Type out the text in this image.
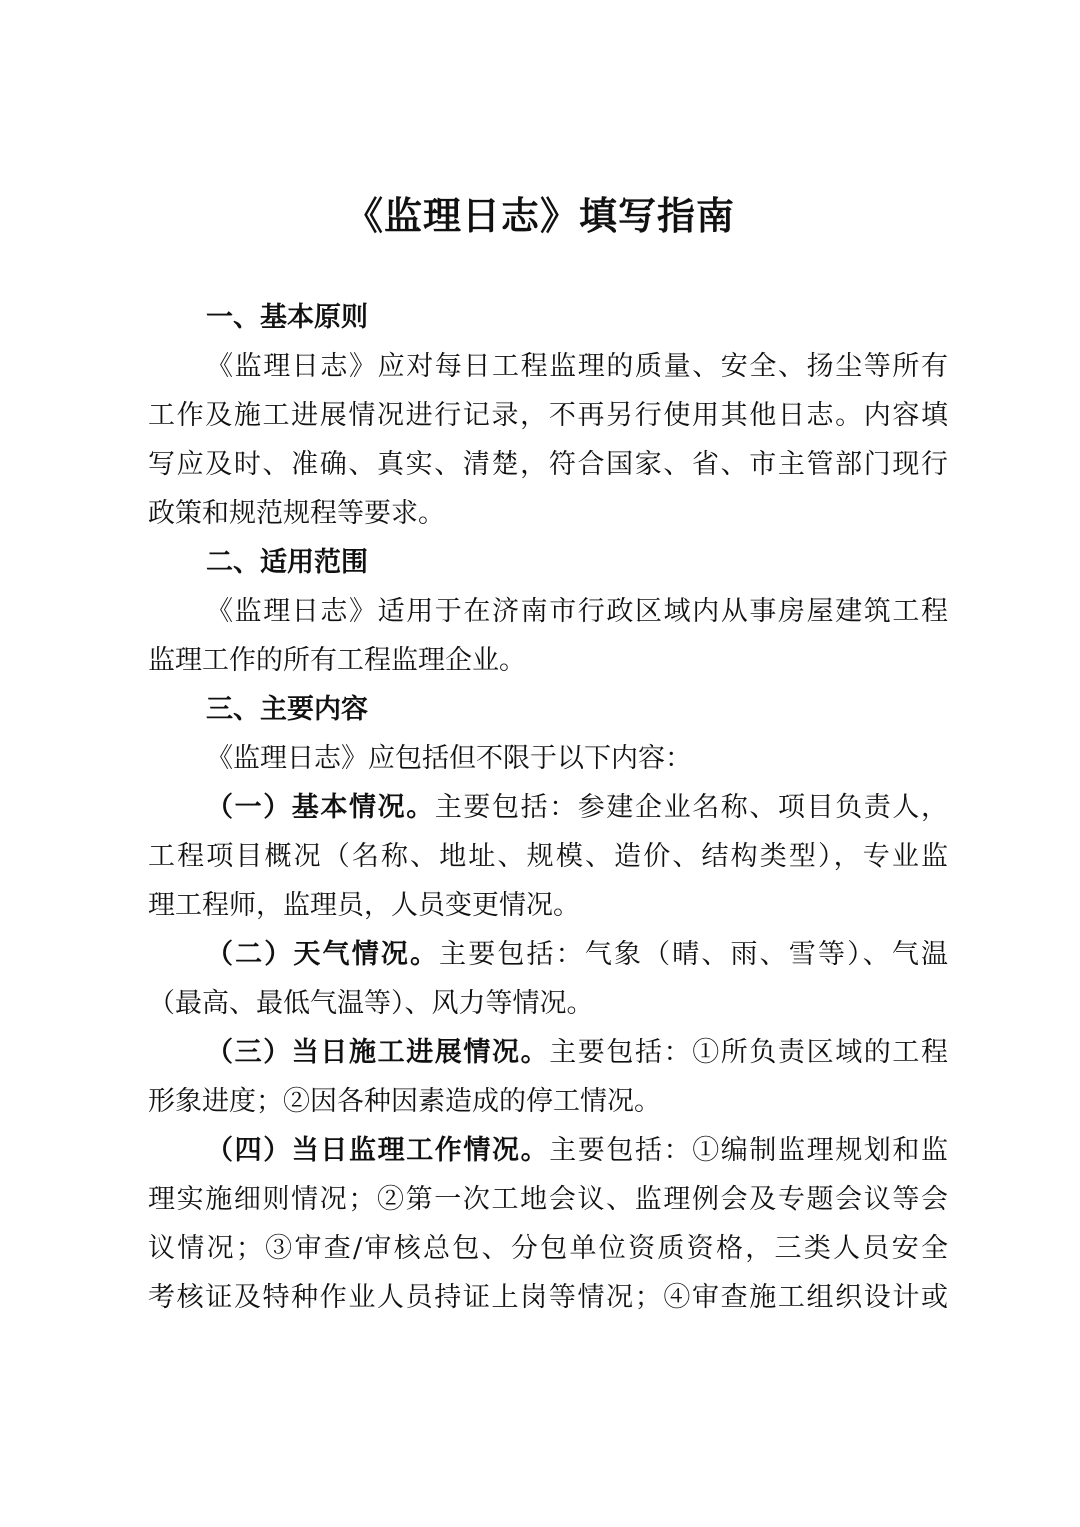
《监理日志》填写指南
一、基本原则
《监理日志》应对每日工程监理的质量、安全、扬尘等所有
工作及施工进展情况进行记录，不再另行使用其他日志。内容填
写应及时、准确、真实、清楚，符合国家、省、市主管部门现行
政策和规范规程等要求。
二、适用范围
《监理日志》适用于在济南市行政区域内从事房屋建筑工程
监理工作的所有工程监理企业。
三、主要内容
《监理日志》应包括但不限于以下内容：
（一）基本情况。主要包括：参建企业名称、项目负责人，
工程项目概况（名称、地址、规模、造价、结构类型），专业监
理工程师，监理员，人员变更情况。
（二）天气情况。主要包括：气象（晴、雨、雪等）、气温
（最高、最低气温等）、风力等情况。
（三）当日施工进展情况。主要包括：①所负责区域的工程
形象进度；②因各种因素造成的停工情况。
（四）当日监理工作情况。主要包括：①编制监理规划和监
理实施细则情况；②第一次工地会议、监理例会及专题会议等会
议情况；③审查/审核总包、分包单位资质资格，三类人员安全
考核证及特种作业人员持证上岗等情况；④审查施工组织设计或
